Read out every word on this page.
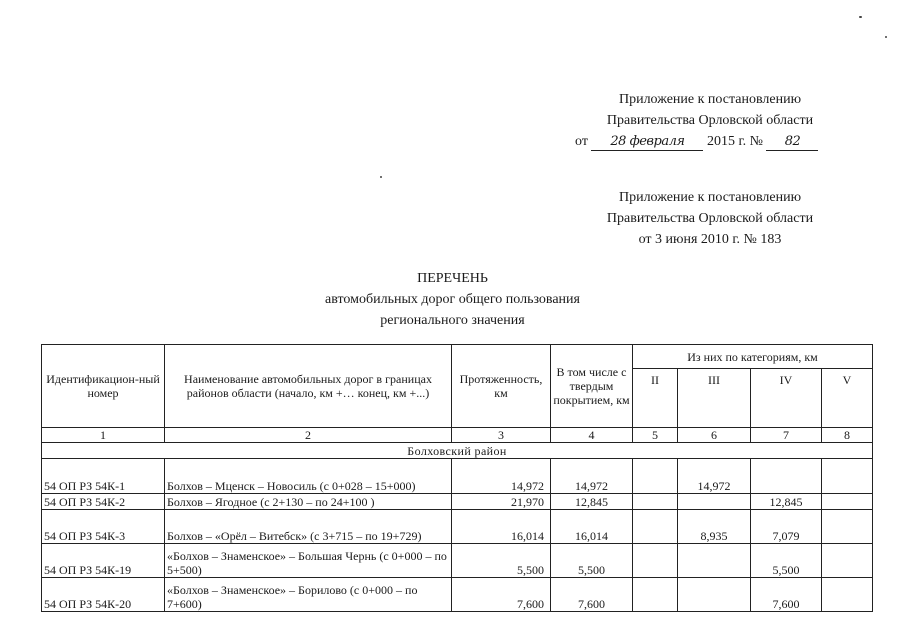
Приложение к постановлению
Правительства Орловской области
от 28 февраля 2015 г. № 82
Приложение к постановлению
Правительства Орловской области
от 3 июня 2010 г. № 183
ПЕРЕЧЕНЬ
автомобильных дорог общего пользования
регионального значения
Идентификацион-ный номер	Наименование автомобильных дорог в границах районов области (начало, км +… конец, км +...)	Протяженность, км	В том числе с твердым покрытием, км	Из них по категориям, км			
				II	III	IV	V
1	2	3	4	5	6	7	8
Болховский район							
54 ОП РЗ 54К-1	Болхов – Мценск – Новосиль (с 0+028 – 15+000)	14,972	14,972		14,972		
54 ОП РЗ 54К-2	Болхов – Ягодное (с 2+130 – по 24+100 )	21,970	12,845			12,845	
54 ОП РЗ 54К-3	Болхов – «Орёл – Витебск» (с 3+715 – по 19+729)	16,014	16,014		8,935	7,079	
54 ОП РЗ 54К-19	«Болхов – Знаменское» – Большая Чернь (с 0+000 – по 5+500)	5,500	5,500			5,500	
54 ОП РЗ 54К-20	«Болхов – Знаменское» – Борилово (с 0+000 – по 7+600)	7,600	7,600			7,600	
